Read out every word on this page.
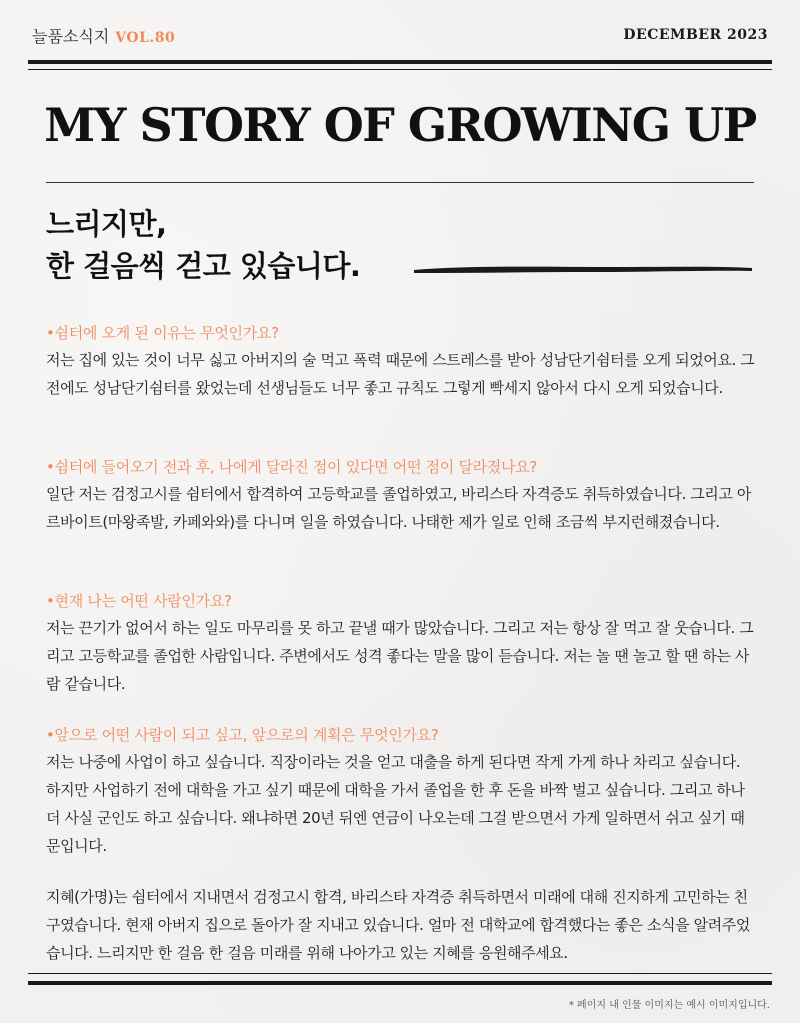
늘품소식지 VOL.80	DECEMBER 2023
MY STORY OF GROWING UP
느리지만,
한 걸음씩 걷고 있습니다.
•쉼터에 오게 된 이유는 무엇인가요?
저는 집에 있는 것이 너무 싫고 아버지의 술 먹고 폭력 때문에 스트레스를 받아 성남단기쉼터를 오게 되었어요. 그전에도 성남단기쉼터를 왔었는데 선생님들도 너무 좋고 규칙도 그렇게 빡세지 않아서 다시 오게 되었습니다.
•쉼터에 들어오기 전과 후, 나에게 달라진 점이 있다면 어떤 점이 달라졌나요?
일단 저는 검정고시를 쉼터에서 합격하여 고등학교를 졸업하였고, 바리스타 자격증도 취득하였습니다. 그리고 아르바이트(마왕족발, 카페와와)를 다니며 일을 하였습니다. 나태한 제가 일로 인해 조금씩 부지런해졌습니다.
•현재 나는 어떤 사람인가요?
저는 끈기가 없어서 하는 일도 마무리를 못 하고 끝낼 때가 많았습니다. 그리고 저는 항상 잘 먹고 잘 웃습니다. 그리고 고등학교를 졸업한 사람입니다. 주변에서도 성격 좋다는 말을 많이 듣습니다. 저는 놀 땐 놀고 할 땐 하는 사람 같습니다.
•앞으로 어떤 사람이 되고 싶고, 앞으로의 계획은 무엇인가요?
저는 나중에 사업이 하고 싶습니다. 직장이라는 것을 얻고 대출을 하게 된다면 작게 가게 하나 차리고 싶습니다. 하지만 사업하기 전에 대학을 가고 싶기 때문에 대학을 가서 졸업을 한 후 돈을 바짝 벌고 싶습니다. 그리고 하나 더 사실 군인도 하고 싶습니다. 왜냐하면 20년 뒤엔 연금이 나오는데 그걸 받으면서 가게 일하면서 쉬고 싶기 때문입니다.
지혜(가명)는 쉼터에서 지내면서 검정고시 합격, 바리스타 자격증 취득하면서 미래에 대해 진지하게 고민하는 친구였습니다. 현재 아버지 집으로 돌아가 잘 지내고 있습니다. 얼마 전 대학교에 합격했다는 좋은 소식을 알려주었습니다. 느리지만 한 걸음 한 걸음 미래를 위해 나아가고 있는 지혜를 응원해주세요.
* 페이지 내 인물 이미지는 예시 이미지입니다.
